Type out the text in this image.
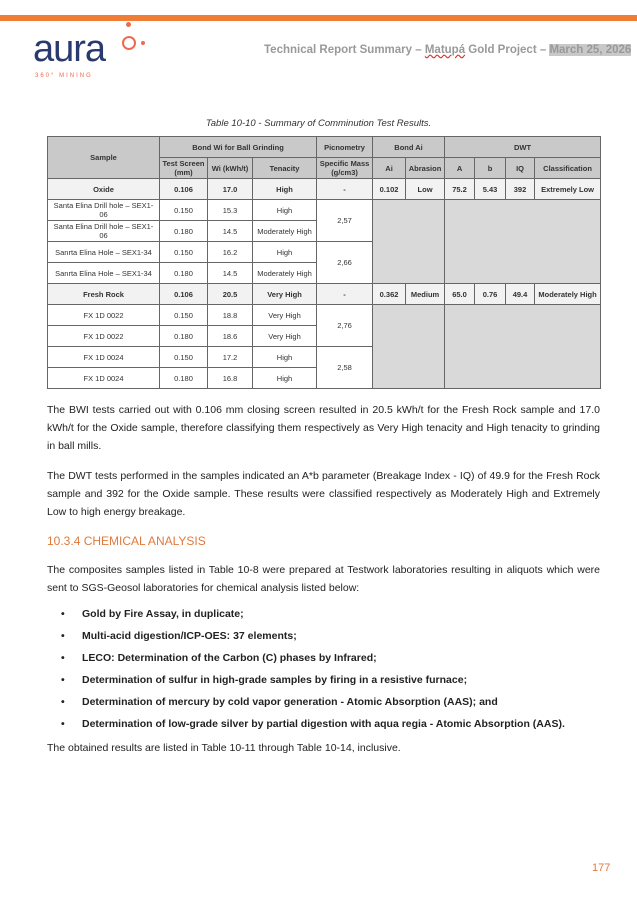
aura
360° MINING
Technical Report Summary – Matupá Gold Project – March 25, 2026
Table 10-10 - Summary of Comminution Test Results.
Sample	Bond Wi for Ball Grinding			Picnometry	Bond Ai		DWT			
	Test Screen (mm)	Wi (kWh/t)	Tenacity	Specific Mass (g/cm3)	Ai	Abrasion	A	b	IQ	Classification
Oxide	0.106	17.0	High	-	0.102	Low	75.2	5.43	392	Extremely Low
Santa Elina Drill hole – SEX1-06	0.150	15.3	High	2,57						
Santa Elina Drill hole – SEX1-06	0.180	14.5	Moderately High							
Sanrta Elina Hole – SEX1-34	0.150	16.2	High	2,66						
Sanrta Elina Hole – SEX1-34	0.180	14.5	Moderately High							
Fresh Rock	0.106	20.5	Very High	-	0.362	Medium	65.0	0.76	49.4	Moderately High
FX 1D 0022	0.150	18.8	Very High	2,76						
FX 1D 0022	0.180	18.6	Very High							
FX 1D 0024	0.150	17.2	High	2,58						
FX 1D 0024	0.180	16.8	High							

The BWI tests carried out with 0.106 mm closing screen resulted in 20.5 kWh/t for the Fresh Rock sample and 17.0 kWh/t for the Oxide sample, therefore classifying them respectively as Very High tenacity and High tenacity to grinding in ball mills.

The DWT tests performed in the samples indicated an A*b parameter (Breakage Index - IQ) of 49.9 for the Fresh Rock sample and 392 for the Oxide sample. These results were classified respectively as Moderately High and Extremely Low to high energy breakage.

10.3.4 CHEMICAL ANALYSIS

The composites samples listed in Table 10-8 were prepared at Testwork laboratories resulting in aliquots which were sent to SGS-Geosol laboratories for chemical analysis listed below:

• Gold by Fire Assay, in duplicate;
• Multi-acid digestion/ICP-OES: 37 elements;
• LECO: Determination of the Carbon (C) phases by Infrared;
• Determination of sulfur in high-grade samples by firing in a resistive furnace;
• Determination of mercury by cold vapor generation - Atomic Absorption (AAS); and
• Determination of low-grade silver by partial digestion with aqua regia - Atomic Absorption (AAS).

The obtained results are listed in Table 10-11 through Table 10-14, inclusive.

177
